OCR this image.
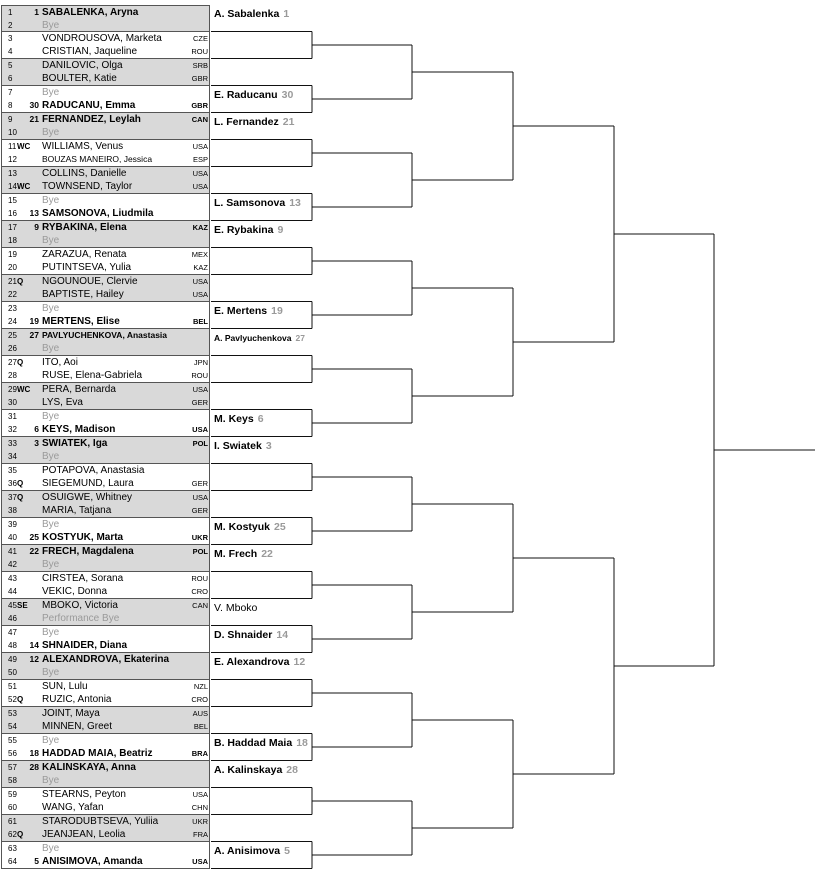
1	1 SABALENKA, Aryna
2	Bye
3	VONDROUSOVA, Marketa	CZE
4	CRISTIAN, Jaqueline	ROU
5	DANILOVIC, Olga	SRB
6	BOULTER, Katie	GBR
7	Bye
8	30 RADUCANU, Emma	GBR
9	21 FERNANDEZ, Leylah	CAN
10	Bye
11 WC WILLIAMS, Venus	USA
12	BOUZAS MANEIRO, Jessica	ESP
13	COLLINS, Danielle	USA
14 WC TOWNSEND, Taylor	USA
15	Bye
16	13 SAMSONOVA, Liudmila
17	9 RYBAKINA, Elena	KAZ
18	Bye
19	ZARAZUA, Renata	MEX
20	PUTINTSEVA, Yulia	KAZ
21 Q	NGOUNOUE, Clervie	USA
22	BAPTISTE, Hailey	USA
23	Bye
24	19 MERTENS, Elise	BEL
25	27 PAVLYUCHENKOVA, Anastasia
26	Bye
27 Q	ITO, Aoi	JPN
28	RUSE, Elena-Gabriela	ROU
29 WC PERA, Bernarda	USA
30	LYS, Eva	GER
31	Bye
32	6 KEYS, Madison	USA
33	3 SWIATEK, Iga	POL
34	Bye
35	POTAPOVA, Anastasia
36 Q	SIEGEMUND, Laura	GER
37 Q	OSUIGWE, Whitney	USA
38	MARIA, Tatjana	GER
39	Bye
40	25 KOSTYUK, Marta	UKR
41	22 FRECH, Magdalena	POL
42	Bye
43	CIRSTEA, Sorana	ROU
44	VEKIC, Donna	CRO
45 SE	MBOKO, Victoria	CAN
46	Performance Bye
47	Bye
48	14 SHNAIDER, Diana
49	12 ALEXANDROVA, Ekaterina
50	Bye
51	SUN, Lulu	NZL
52 Q	RUZIC, Antonia	CRO
53	JOINT, Maya	AUS
54	MINNEN, Greet	BEL
55	Bye
56	18 HADDAD MAIA, Beatriz	BRA
57	28 KALINSKAYA, Anna
58	Bye
59	STEARNS, Peyton	USA
60	WANG, Yafan	CHN
61	STARODUBTSEVA, Yuliia	UKR
62 Q	JEANJEAN, Leolia	FRA
63	Bye
64	5 ANISIMOVA, Amanda	USA
A. Sabalenka 1
E. Raducanu 30
L. Fernandez 21
L. Samsonova 13
E. Rybakina 9
E. Mertens 19
A. Pavlyuchenkova 27
M. Keys 6
I. Swiatek 3
M. Kostyuk 25
M. Frech 22
V. Mboko
D. Shnaider 14
E. Alexandrova 12
B. Haddad Maia 18
A. Kalinskaya 28
A. Anisimova 5
